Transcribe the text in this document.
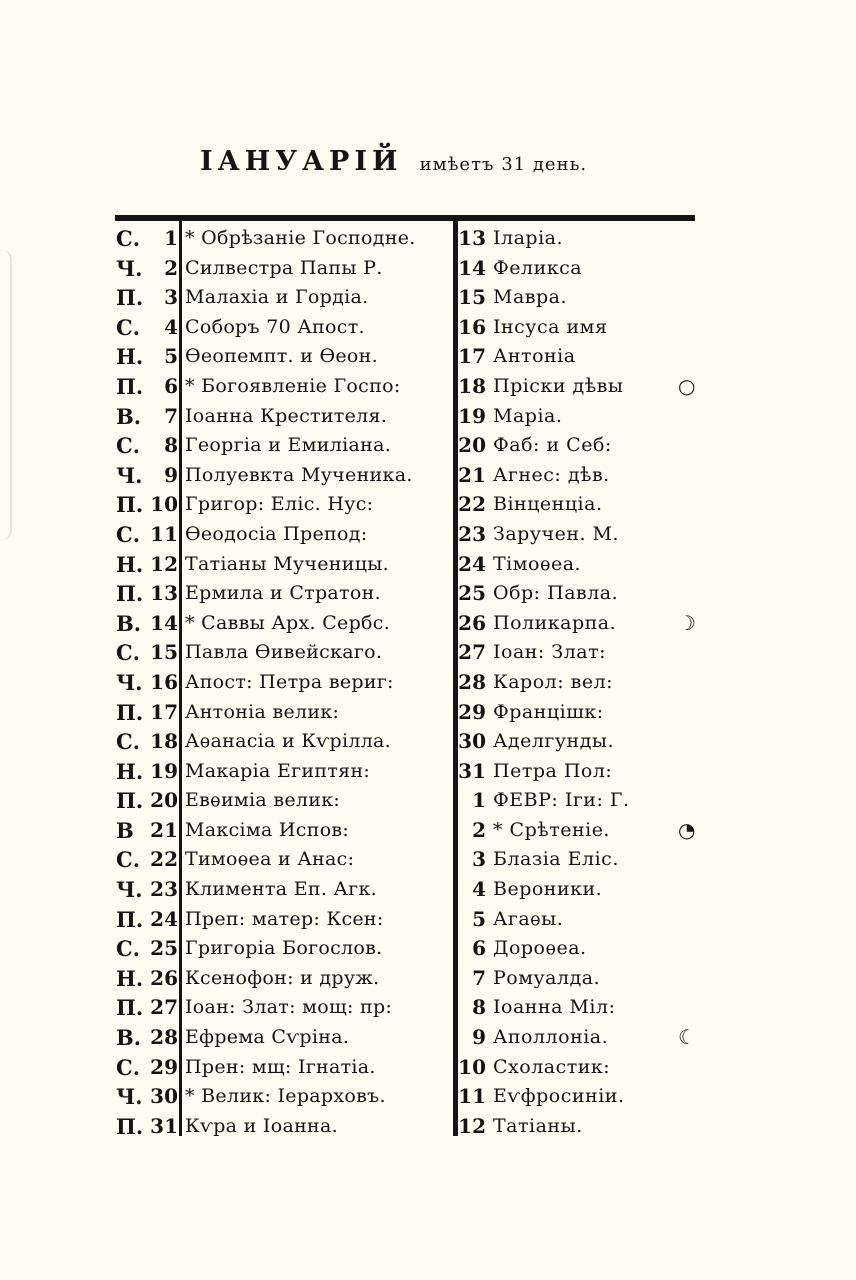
ІАНУАРІЙ имѣетъ 31 день.
С.	1 * Обрѣзаніе Господне.	13 Іларіа.
Ч.	2 Силвестра Папы Р.	14 Феликса
П.	3 Малахіа и Гордіа.	15 Мавра.
С.	4 Соборъ 70 Апост.	16 Інсуса имя
Н.	5 Ѳеопемпт. и Ѳеон.	17 Антоніа
П.	6 * Богоявленіе Госпо:	18 Пріски дѣвы	○
В.	7 Іоанна Крестителя.	19 Маріа.
С.	8 Георгіа и Емиліана.	20 Фаб: и Себ:
Ч.	9 Полуевкта Мученика.	21 Агнес: дѣв.
П. 10 Григор: Еліс. Нус:	22 Вінценціа.
С. 11 Ѳеодосіа Препод:	23 Заручен. М.
Н. 12 Татіаны Мученицы.	24 Тімоѳеа.
П. 13 Ермила и Стратон.	25 Обр: Павла.
В. 14 * Саввы Арх. Сербс.	26 Поликарпа.	☽
С. 15 Павла Ѳивейскаго.	27 Іоан: Злат:
Ч. 16 Апост: Петра вериг:	28 Карол: вел:
П. 17 Антоніа велик:	29 Францішк:
С. 18 Аѳанасіа и Кѵрілла.	30 Аделгунды.
Н. 19 Макаріа Египтян:	31 Петра Пол:
П. 20 Евѳиміа велик:	1 ФЕВР: Іги: Г.
В 21 Максіма Испов:	2 * Срѣтеніе.	◔
С. 22 Тимоѳеа и Анас:	3 Блазіа Еліс.
Ч. 23 Климента Еп. Агк.	4 Вероники.
П. 24 Преп: матер: Ксен:	5 Агаѳы.
С. 25 Григоріа Богослов.	6 Дороѳеа.
Н. 26 Ксенофон: и друж.	7 Ромуалда.
П. 27 Іоан: Злат: мощ: пр:	8 Іоанна Міл:
В. 28 Ефрема Сѵріна.	9 Аполлоніа.	☾
С. 29 Прен: мщ: Ігнатіа.	10 Схоластик:
Ч. 30 * Велик: Іерарховъ.	11 Еѵфросиніи.
П. 31 Кѵра и Іоанна.	12 Татіаны.
